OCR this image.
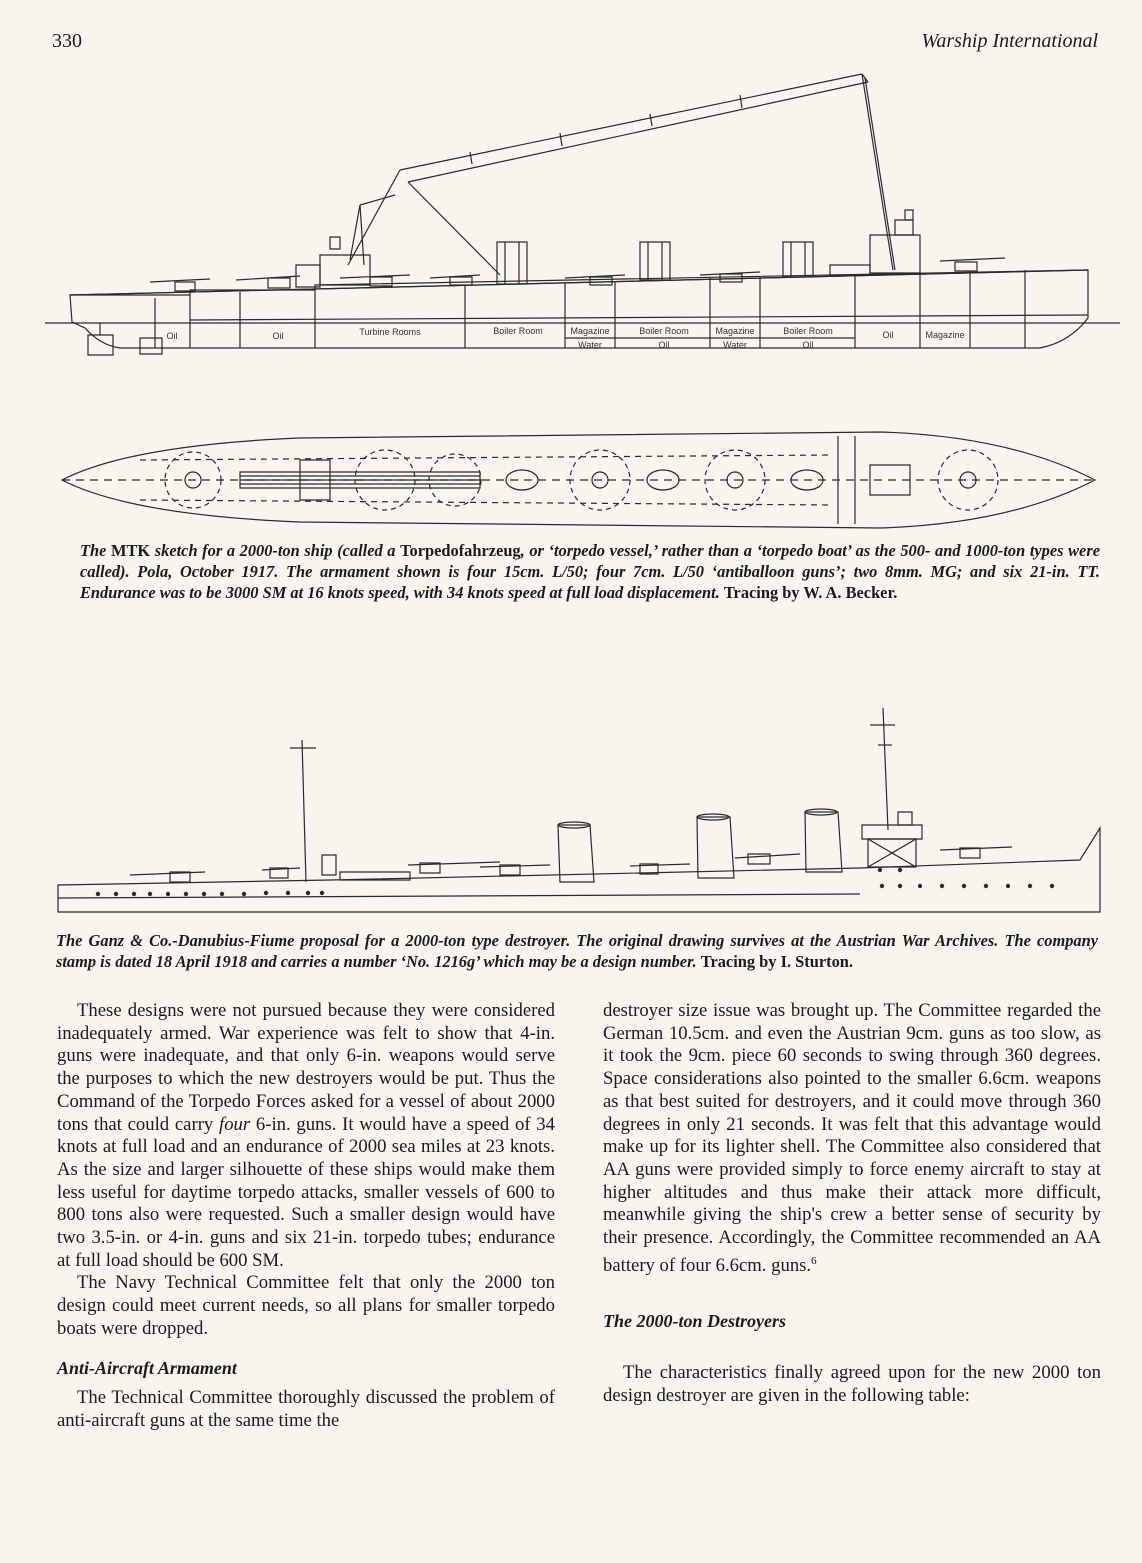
330	Warship International
Oil	Oil	Turbine Rooms	Boiler Room	Magazine
Water
Boiler Room
Oil
Magazine
Water
Boiler Room
Oil
Oil	Magazine
The MTK sketch for a 2000-ton ship (called a Torpedofahrzeug, or ‘torpedo vessel,’ rather than a ‘torpedo boat’ as the 500- and 1000-ton types were called). Pola, October 1917. The armament shown is four 15cm. L/50; four 7cm. L/50 ‘antiballoon guns’; two 8mm. MG; and six 21-in. TT. Endurance was to be 3000 SM at 16 knots speed, with 34 knots speed at full load displacement. Tracing by W. A. Becker.
The Ganz & Co.-Danubius-Fiume proposal for a 2000-ton type destroyer. The original drawing survives at the Austrian War Archives. The company stamp is dated 18 April 1918 and carries a number ‘No. 1216g’ which may be a design number. Tracing by I. Sturton.

These designs were not pursued because they were considered inadequately armed. War experience was felt to show that 4-in. guns were inadequate, and that only 6-in. weapons would serve the purposes to which the new destroyers would be put. Thus the Command of the Torpedo Forces asked for a vessel of about 2000 tons that could carry four 6-in. guns. It would have a speed of 34 knots at full load and an endurance of 2000 sea miles at 23 knots. As the size and larger silhouette of these ships would make them less useful for daytime torpedo attacks, smaller vessels of 600 to 800 tons also were requested. Such a smaller design would have two 3.5-in. or 4-in. guns and six 21-in. torpedo tubes; endurance at full load should be 600 SM.

The Navy Technical Committee felt that only the 2000 ton design could meet current needs, so all plans for smaller torpedo boats were dropped.

Anti-Aircraft Armament

The Technical Committee thoroughly discussed the problem of anti-aircraft guns at the same time the

destroyer size issue was brought up. The Committee regarded the German 10.5cm. and even the Austrian 9cm. guns as too slow, as it took the 9cm. piece 60 seconds to swing through 360 degrees. Space considerations also pointed to the smaller 6.6cm. weapons as that best suited for destroyers, and it could move through 360 degrees in only 21 seconds. It was felt that this advantage would make up for its lighter shell. The Committee also considered that AA guns were provided simply to force enemy aircraft to stay at higher altitudes and thus make their attack more difficult, meanwhile giving the ship's crew a better sense of security by their presence. Accordingly, the Committee recommended an AA battery of four 6.6cm. guns.$^6$

The 2000-ton Destroyers

The characteristics finally agreed upon for the new 2000 ton design destroyer are given in the following table:
